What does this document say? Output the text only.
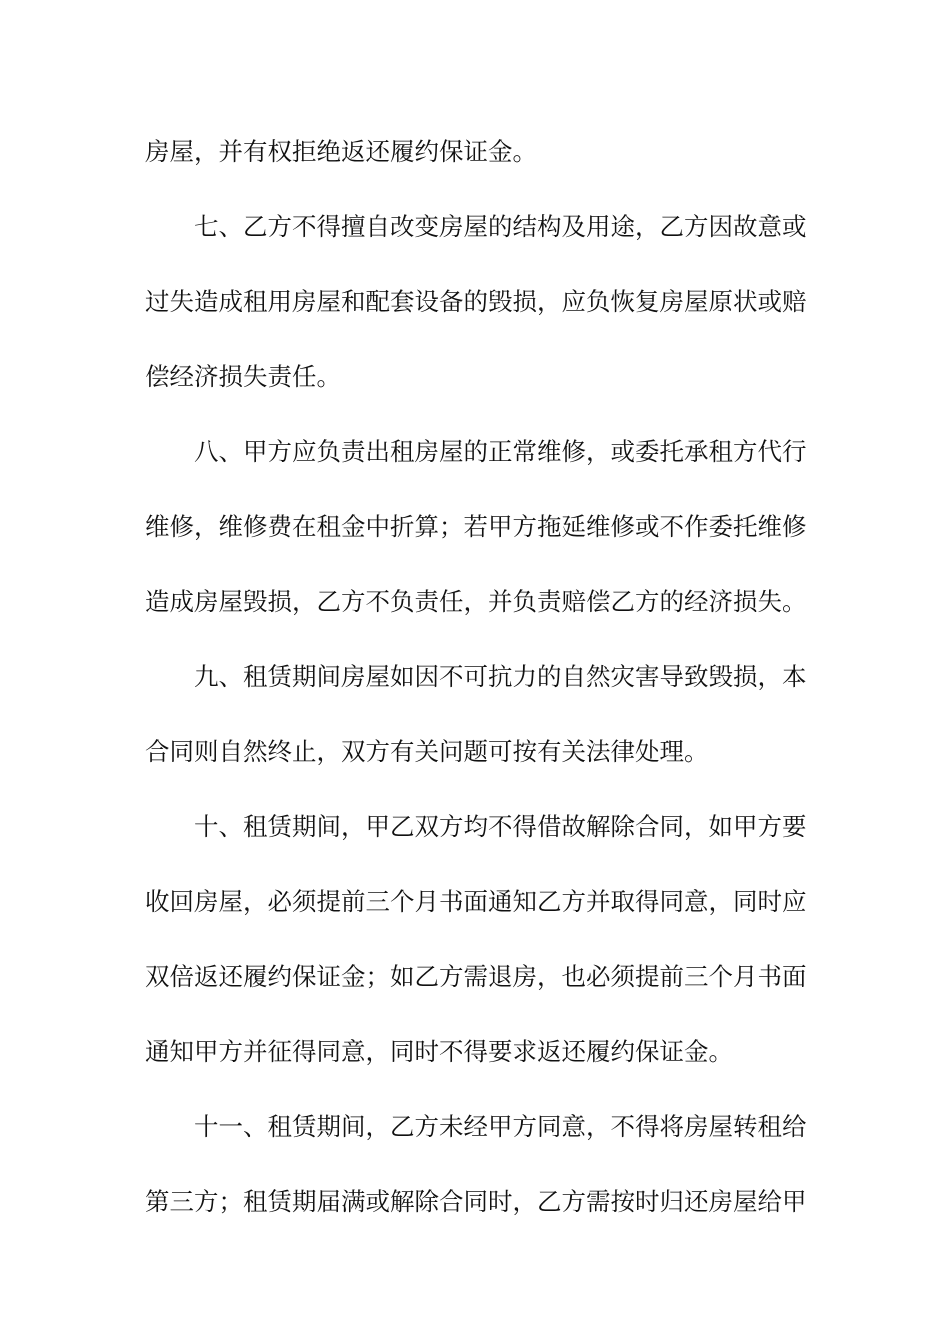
房屋，并有权拒绝返还履约保证金。
七、乙方不得擅自改变房屋的结构及用途，乙方因故意或
过失造成租用房屋和配套设备的毁损，应负恢复房屋原状或赔
偿经济损失责任。
八、甲方应负责出租房屋的正常维修，或委托承租方代行
维修，维修费在租金中折算；若甲方拖延维修或不作委托维修
造成房屋毁损，乙方不负责任，并负责赔偿乙方的经济损失。
九、租赁期间房屋如因不可抗力的自然灾害导致毁损，本
合同则自然终止，双方有关问题可按有关法律处理。
十、租赁期间，甲乙双方均不得借故解除合同，如甲方要
收回房屋，必须提前三个月书面通知乙方并取得同意，同时应
双倍返还履约保证金；如乙方需退房，也必须提前三个月书面
通知甲方并征得同意，同时不得要求返还履约保证金。
十一、租赁期间，乙方未经甲方同意，不得将房屋转租给
第三方；租赁期届满或解除合同时，乙方需按时归还房屋给甲
